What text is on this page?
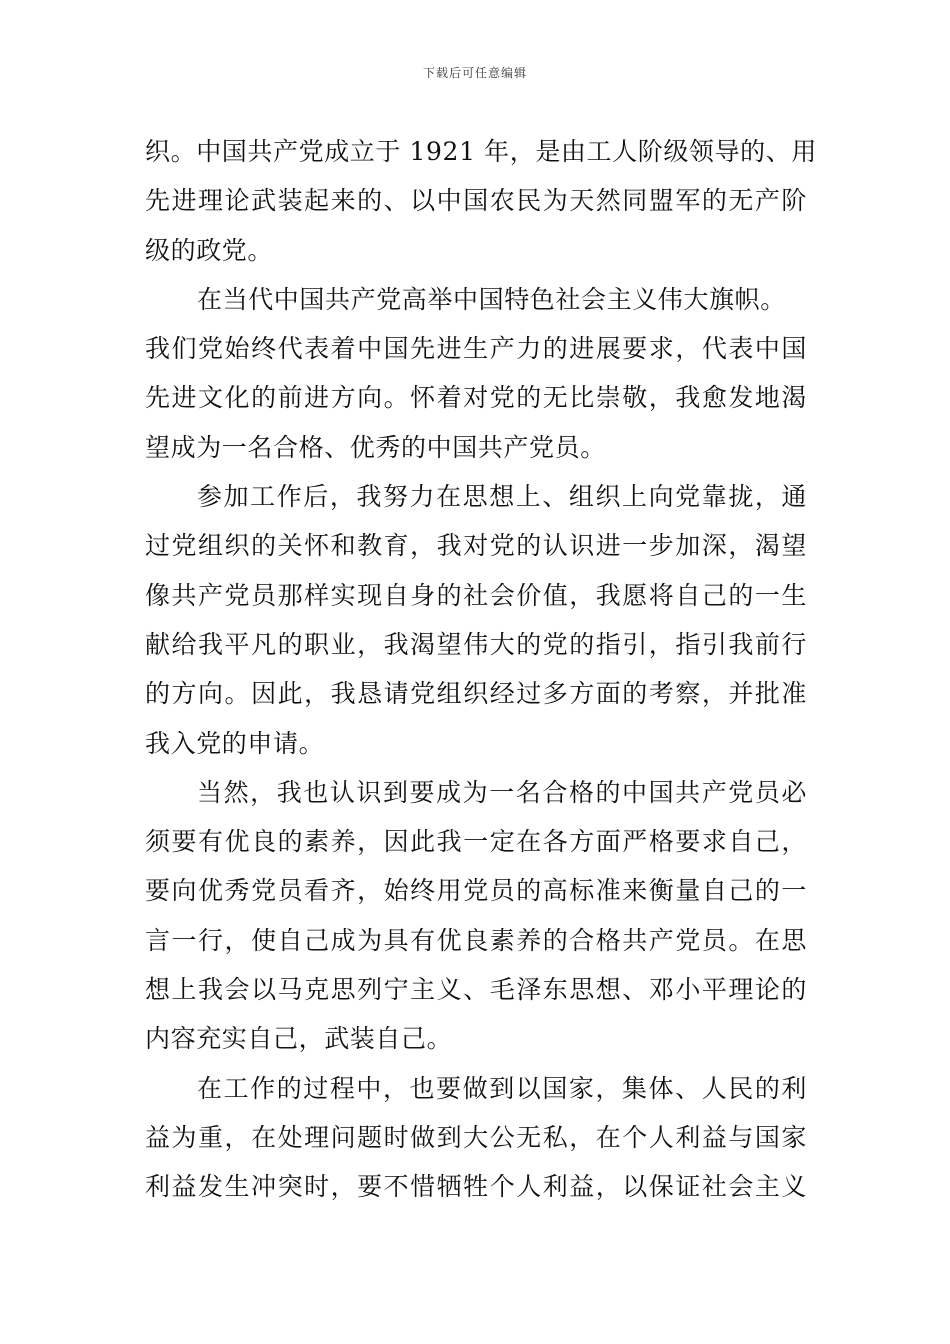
下载后可任意编辑
织。中国共产党成立于 1921 年，是由工人阶级领导的、用
先进理论武装起来的、以中国农民为天然同盟军的无产阶
级的政党。
在当代中国共产党高举中国特色社会主义伟大旗帜。
我们党始终代表着中国先进生产力的进展要求，代表中国
先进文化的前进方向。怀着对党的无比崇敬，我愈发地渴
望成为一名合格、优秀的中国共产党员。
参加工作后，我努力在思想上、组织上向党靠拢，通
过党组织的关怀和教育，我对党的认识进一步加深，渴望
像共产党员那样实现自身的社会价值，我愿将自己的一生
献给我平凡的职业，我渴望伟大的党的指引，指引我前行
的方向。因此，我恳请党组织经过多方面的考察，并批准
我入党的申请。
当然，我也认识到要成为一名合格的中国共产党员必
须要有优良的素养，因此我一定在各方面严格要求自己，
要向优秀党员看齐，始终用党员的高标准来衡量自己的一
言一行，使自己成为具有优良素养的合格共产党员。在思
想上我会以马克思列宁主义、毛泽东思想、邓小平理论的
内容充实自己，武装自己。
在工作的过程中，也要做到以国家，集体、人民的利
益为重，在处理问题时做到大公无私，在个人利益与国家
利益发生冲突时，要不惜牺牲个人利益，以保证社会主义
